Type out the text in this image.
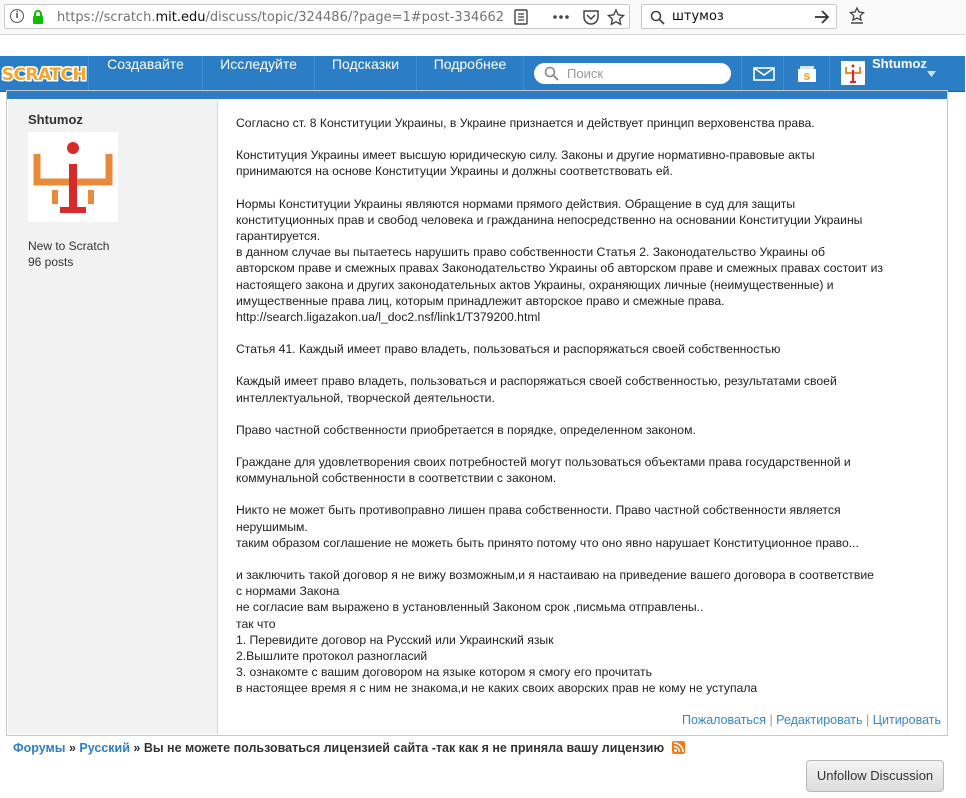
i	https://scratch.mit.edu/discuss/topic/324486/?page=1#post-334662	штумоз
SCRATCH
Создавайте	Исследуйте	Подсказки	Подробнее
Поиск	S
Shtumoz
Shtumoz
New to Scratch
96 posts

Согласно ст. 8 Конституции Украины, в Украине признается и действует принцип верховенства права.

Конституция Украины имеет высшую юридическую силу. Законы и другие нормативно-правовые акты

принимаются на основе Конституции Украины и должны соответствовать ей.

Нормы Конституции Украины являются нормами прямого действия. Обращение в суд для защиты

конституционных прав и свобод человека и гражданина непосредственно на основании Конституции Украины

гарантируется.

в данном случае вы пытаетесь нарушить право собственности Статья 2. Законодательство Украины об

авторском праве и смежных правах Законодательство Украины об авторском праве и смежных правах состоит из

настоящего закона и других законодательных актов Украины, охраняющих личные (неимущественные) и

имущественные права лиц, которым принадлежит авторское право и смежные права.

http://search.ligazakon.ua/l_doc2.nsf/link1/T379200.html

Статья 41. Каждый имеет право владеть, пользоваться и распоряжаться своей собственностью

Каждый имеет право владеть, пользоваться и распоряжаться своей собственностью, результатами своей

интеллектуальной, творческой деятельности.

Право частной собственности приобретается в порядке, определенном законом.

Граждане для удовлетворения своих потребностей могут пользоваться объектами права государственной и

коммунальной собственности в соответствии с законом.

Никто не может быть противоправно лишен права собственности. Право частной собственности является

нерушимым.

таким образом соглашение не можеть быть принято потому что оно явно нарушает Конституционное право...

и заключить такой договор я не вижу возможным,и я настаиваю на приведение вашего договора в соответствие

с нормами Закона

не согласие вам выражено в установленный Законом срок ,писмьма отправлены..

так что

1. Перевидите договор на Русский или Украинский язык

2.Вышлите протокол разногласий

3. ознакомте с вашим договором на языке котором я смогу его прочитать

в настоящее время я с ним не знакома,и не каких своих аворских прав не кому не уступала

Пожаловаться | Редактировать | Цитировать
Форумы » Русский » Вы не можете пользоваться лицензией сайта -так как я не приняла вашу лицензию
Unfollow Discussion
